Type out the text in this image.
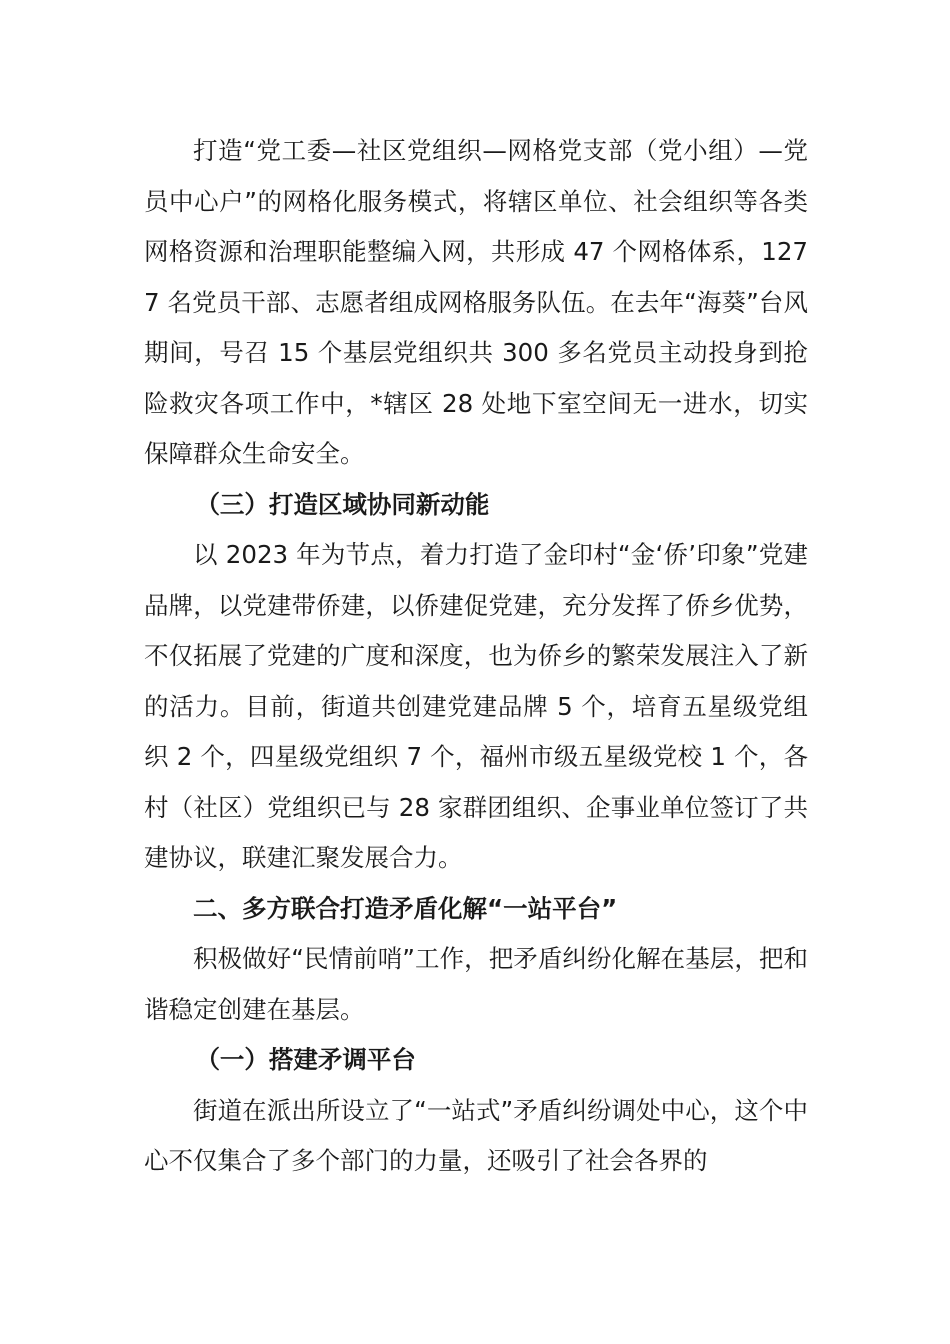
打造“党工委—社区党组织—网格党支部（党小组）—党员中心户”的网格化服务模式，将辖区单位、社会组织等各类网格资源和治理职能整编入网，共形成 47 个网格体系，1277 名党员干部、志愿者组成网格服务队伍。在去年“海葵”台风期间，号召 15 个基层党组织共 300 多名党员主动投身到抢险救灾各项工作中，*辖区 28 处地下室空间无一进水，切实保障群众生命安全。

（三）打造区域协同新动能

以 2023 年为节点，着力打造了金印村“金‘侨’印象”党建品牌，以党建带侨建，以侨建促党建，充分发挥了侨乡优势，不仅拓展了党建的广度和深度，也为侨乡的繁荣发展注入了新的活力。目前，街道共创建党建品牌 5 个，培育五星级党组织 2 个，四星级党组织 7 个，福州市级五星级党校 1 个，各村（社区）党组织已与 28 家群团组织、企事业单位签订了共建协议，联建汇聚发展合力。

二、多方联合打造矛盾化解“一站平台”

积极做好“民情前哨”工作，把矛盾纠纷化解在基层，把和谐稳定创建在基层。

（一）搭建矛调平台

街道在派出所设立了“一站式”矛盾纠纷调处中心，这个中心不仅集合了多个部门的力量，还吸引了社会各界的
